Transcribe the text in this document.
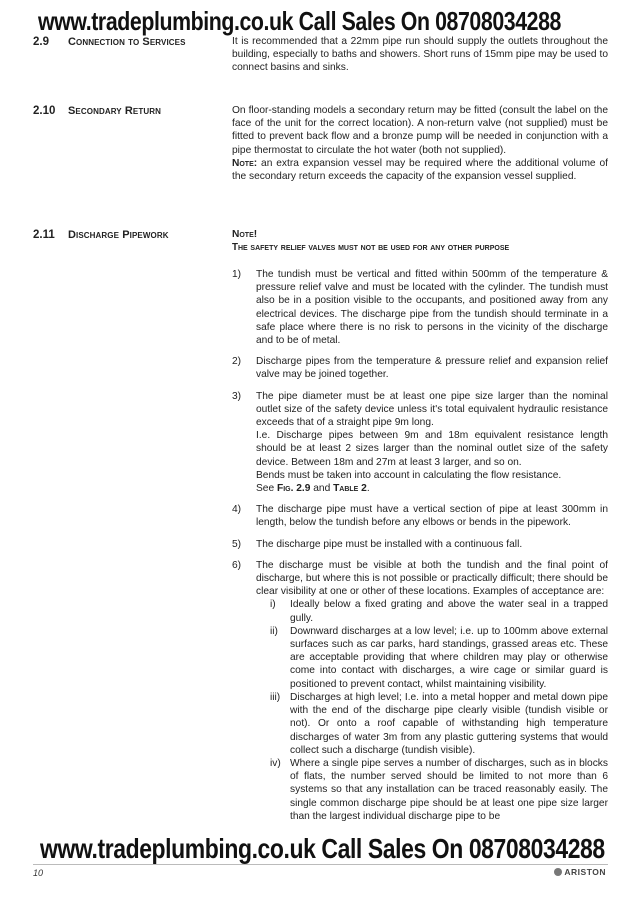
2.9 Connection to Services	It is recommended that a 22mm pipe run should supply the outlets throughout the building, especially to baths and showers. Short runs of 15mm pipe may be used to connect basins and sinks.

2.10 Secondary Return	On floor-standing models a secondary return may be fitted (consult the label on the face of the unit for the correct location). A non-return valve (not supplied) must be fitted to prevent back flow and a bronze pump will be needed in conjunction with a pipe thermostat to circulate the hot water (both not supplied).

Note: an extra expansion vessel may be required where the additional volume of the secondary return exceeds the capacity of the expansion vessel supplied.

2.11 Discharge Pipework	Note!

The safety relief valves must not be used for any other purpose

1) The tundish must be vertical and fitted within 500mm of the temperature & pressure relief valve and must be located with the cylinder. The tundish must also be in a position visible to the occupants, and positioned away from any electrical devices. The discharge pipe from the tundish should terminate in a safe place where there is no risk to persons in the vicinity of the discharge and to be of metal.
2) Discharge pipes from the temperature & pressure relief and expansion relief valve may be joined together.
3) The pipe diameter must be at least one pipe size larger than the nominal outlet size of the safety device unless it's total equivalent hydraulic resistance exceeds that of a straight pipe 9m long.
I.e. Discharge pipes between 9m and 18m equivalent resistance length should be at least 2 sizes larger than the nominal outlet size of the safety device. Between 18m and 27m at least 3 larger, and so on.
Bends must be taken into account in calculating the flow resistance.
See Fig. 2.9 and Table 2.
4) The discharge pipe must have a vertical section of pipe at least 300mm in length, below the tundish before any elbows or bends in the pipework.
5) The discharge pipe must be installed with a continuous fall.
6) The discharge must be visible at both the tundish and the final point of discharge, but where this is not possible or practically difficult; there should be clear visibility at one or other of these locations. Examples of acceptance are:
i) Ideally below a fixed grating and above the water seal in a trapped gully.
ii) Downward discharges at a low level; i.e. up to 100mm above external surfaces such as car parks, hard standings, grassed areas etc. These are acceptable providing that where children may play or otherwise come into contact with discharges, a wire cage or similar guard is positioned to prevent contact, whilst maintaining visibility.
iii) Discharges at high level; I.e. into a metal hopper and metal down pipe with the end of the discharge pipe clearly visible (tundish visible or not). Or onto a roof capable of withstanding high temperature discharges of water 3m from any plastic guttering systems that would collect such a discharge (tundish visible).
iv) Where a single pipe serves a number of discharges, such as in blocks of flats, the number served should be limited to not more than 6 systems so that any installation can be traced reasonably easily. The single common discharge pipe should be at least one pipe size larger than the largest individual discharge pipe to be
www.tradeplumbing.co.uk Call Sales On 08708034288
www.tradeplumbing.co.uk Call Sales On 08708034288
10	ARISTON
